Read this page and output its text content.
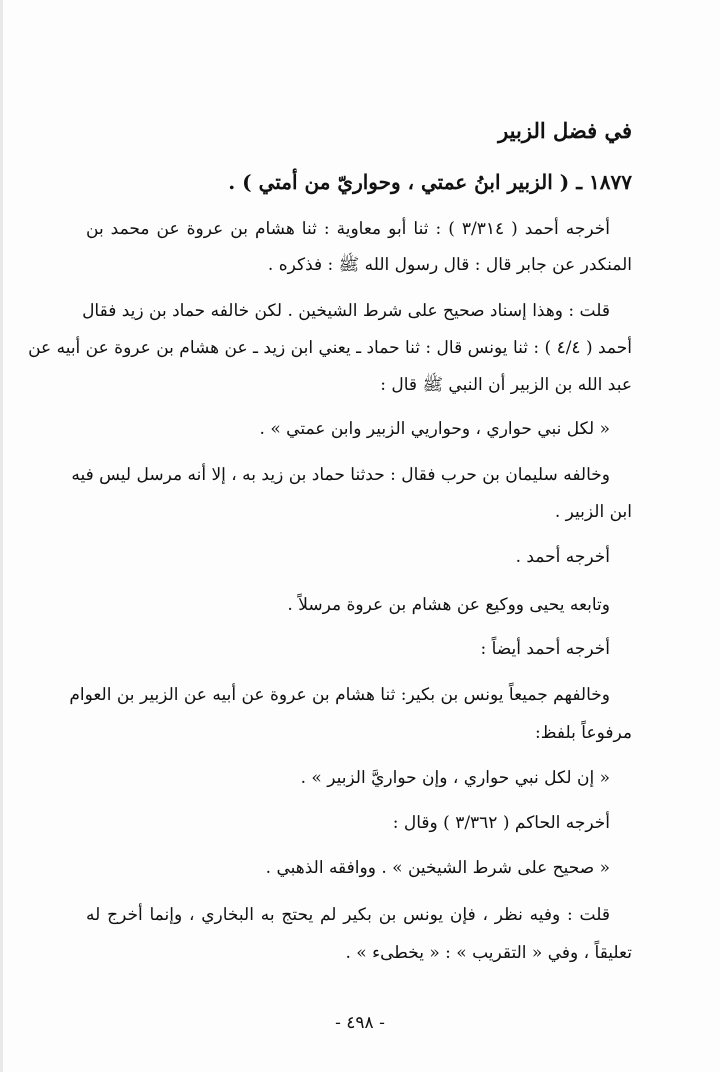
في فضل الزبير
١٨٧٧ ـ ( الزبير ابنُ عمتي ، وحواريّ من أمتي ) .
أخرجه أحمد ( ٣/٣١٤ ) : ثنا أبو معاوية : ثنا هشام بن عروة عن محمد بن
المنكدر عن جابر قال : قال رسول الله ﷺ : فذكره .
قلت : وهذا إسناد صحيح على شرط الشيخين . لكن خالفه حماد بن زيد فقال
أحمد ( ٤/٤ ) : ثنا يونس قال : ثنا حماد ـ يعني ابن زيد ـ عن هشام بن عروة عن أبيه عن
عبد الله بن الزبير أن النبي ﷺ قال :
« لكل نبي حواري ، وحواريي الزبير وابن عمتي » .
وخالفه سليمان بن حرب فقال : حدثنا حماد بن زيد به ، إلا أنه مرسل ليس فيه
ابن الزبير .
أخرجه أحمد .
وتابعه يحيى ووكيع عن هشام بن عروة مرسلاً .
أخرجه أحمد أيضاً :
وخالفهم جميعاً يونس بن بكير: ثنا هشام بن عروة عن أبيه عن الزبير بن العوام
مرفوعاً بلفظ:
« إن لكل نبي حواري ، وإن حواريَّ الزبير » .
أخرجه الحاكم ( ٣/٣٦٢ ) وقال :
« صحيح على شرط الشيخين » . ووافقه الذهبي .
قلت : وفيه نظر ، فإن يونس بن بكير لم يحتج به البخاري ، وإنما أخرج له
تعليقاً ، وفي « التقريب » : « يخطىء » .
- ٤٩٨ -
